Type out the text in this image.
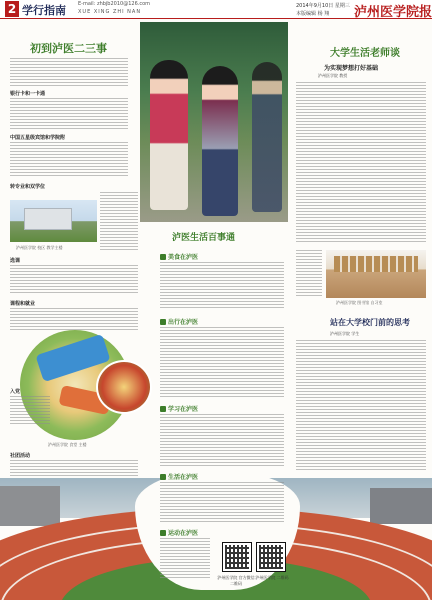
2 学行指南 E-mail: zhbjb2010@126.com
XUE XING ZHI NAN
2014年9月10日 星期三
本版编辑 杨 翔 泸州医学院报
初到泸医二三事
银行卡和一卡通
中国五星级宾馆和学院附
转专业和双学位
泸州医学院 校区 教学主楼
选课
课程和就业
泸州医学院 食堂 主楼
入党
社团活动
泸医生活百事通
美食在泸医
出行在泸医
学习在泸医
大学生活老师谈
为实现梦想打好基础
泸州医学院 教授
泸州医学院 图书馆 自习室
站在大学校门前的思考
泸州医学院 学生
生活在泸医
运动在泸医
泸州医学院 官方微信二维码
泸州医学院 二维码
